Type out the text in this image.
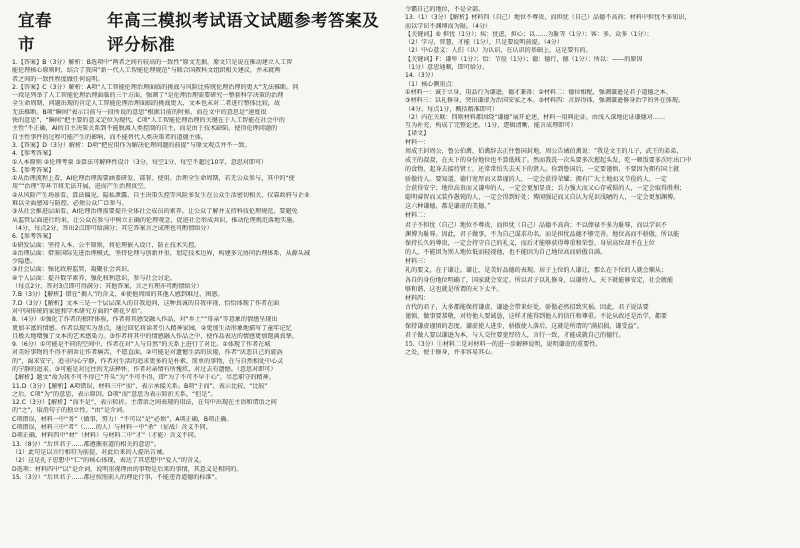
宜春市
年高三模拟考试语文试题参考答案及评分标准
1.【答案】B（3分）解析：B选项中“两者之间有较高的一致性”原文无据，原文只是说在推动建立人工智
能伦理核心原则时，结合了我国“新一代人工智能伦理规范”与联合国教科文组织相关建议，并未就两
者之间的一致性程度做任何说明。
2.【答案】C（3分）解析：A项“人工智能伦理治理面临的挑战与风险比传统伦理治理的更大”无法推断。同
一段是列举了人工智能伦理治理面临的三个方面，强调了“是伦理治理需要研究一整套科学决策的治理
全生命周期，问题出现的肯定人工智能伦理治理面临的挑战更大，文本也未对二者进行整体比较，故
无法推断。B项“瞬间”表示目前与一段所说的意思”根据目前的时候，而在文中的意思是“速度很
快的意思”，“瞬间”把主要的意义定位为现代。C项“人工智能伦理治理的关键在于人工智能在社会中的
主性”不正确，AI的自主决策关系到不能脱离人类控制的自主，而是由于技术缺陷，使得伦理问题的
自主性事件的过程可能产生的影响，而不能替代人类决策者的道德主体。
3.【答案】D（3分）解析：D项“把应用作为解决伦理问题的前提”与原文观点并不一致。
4.【参考答案】
①人本原则 ②伦理考量 ③算法可解释性设计（3分，每空1分，每空不超过10字，意思对即可）
5.【参考答案】
①从治理流程上看，AI伦理治理需要涵盖研发、部署、使用、治理全生命周期，若无公众参与，其中的“使
用”“治理”等环节将无法开展，进而产生治理真空。
②从风险产生场景看，算法偏见、隐私泄露、自主决策失控等风险多发生在公众生活密切相关，仅靠政府与企业
难以全面感知与防控，必须公众广泛参与。
③从社会推进层面看，AI伦理治理需要提升全体社会成员的素养，让公众了解并支持科技伦理规范，要避免
从监管层面进行约束，让公众在参与中树立正确的伦理观念，促进社会形成共识，推动伦理规范落地实施。
（4分，每点2分，答出2点即可给满分；其它答案言之成理也可酌情给分）
6.【参考答案】
①研发层面：坚持人本、公平原则，将伦理嵌入设计，防止技术失控。
②治理层面：借鉴国际先进治理模式，坚持伦理与创新并重，划定技术边界，构建多元协同治理体系，从源头减
少隐患。
③社会层面：强化政府监管，凝聚社会共识。
④个人层面：提升数字素养，强化权利意识，参与社会讨论。
（每点2分，答对3点即可得满分；其他答案，言之有理亦可酌情给分）
7.B（3分）【解析】错在“揭人”的含义，④使他周围的其他人感到难过、困惑。
7.D（3分）【解析】文本三是一个层层深入的自我追问，这种真诚的自我审视，恰恰体现了作者在面
对中国传统的家庭和学术研究方面的“朝花夕拾”。
8.（4分）①强化了作者的独特体验，作者将其感受融入作品，对“乡土”“母亲”等意象的情感呈现出
更加丰富的情感。作者以现实为基点，通过回忆将读者引入精神家园，②更加生动形象地描写了童年记忆
且极大地增强了文本的艺术感染力。③作者将其中的情感融入作品之中，使作品表达的情感更加饱满真挚。
9.（6分）①可能是不同的空间中，作者在对“人与自然”的关系上进行了对比。①体现了作者在城
对美好事物的不得不割舍让作者痛苦，不愿直面。②可能是对遗憾生活的厌倦，作者“厌恶自己的旋涡
的”，渴求安宁，追寻内心宁静，作者对生活的追求更多的是朴素、简单的事物，在与自然相处中心灵
的宁静的追求。③可能是对过往的无法释怀，作者对亲情有所愧疚，对过去有遗憾。（意思对即可）
【解析】题文“故为我不可不得已”开头“为”不可不得，即“为了不可不早于心”，尽忠职守的精神。
11.D（3分）【解析】A项错误，材料三中“而”，表示承接关系。B项“于而”，表示比较，“比较”
之后，C项“为”的意思，表示原因。D项“而”意思为表示转折关系，“但是”。
12.C（3分）【解析】“而不是”，表示转折。主谓语之间表现的用法，在句中出现在主语和谓语之间
的“之”，取消句子的独立性。“由”是介词。
C项错误，材料一中“务”（做事，努力）“不可以”是“必须”，A项正确，B项正确。
C项错误，材料三中“者”（……的人）与材料一中“杀”（征战）含义不同。
D项正确，材料四中“材”（材料）与材料二中“才”（才能）含义不同。
13.（8分）“后世君子……都遵循重道的相关的意思”。
（1）此句是以言行相符为前提，对此后来的人提出告诫。
（2）这是孔子思想中“仁”的核心体现，表达了其思想中“爱人”的含义。
D选项：材料四中“以”是介词，说明重视理由的事物是后来的事情，其意义是相同的。
15.（3分）“后世君子……都应按照前人的理论行事，不能违背道德的标准”。
令霸自己的地位，不是全部。
13.（1）（3分）【解析】材料四（自己）地位不尊贵，而担忧（自己）品德不高尚；材料中担忧不多知识，
而以学识不渊博而为耻。（4分）
【关键词】⑤ 担忧（1分）；疾：忧虑，担心；以……为耻等（1分）；客：多，众多（1分）；
（2）学习，智慧、才能（1分），只是要说明前提。（4分）
（2）中心意义：人们（认）为认识，在认识的基础上，这是要有的。
【关键词】F：谦卑（1分）；恰：节俭（1分）；德：德行，德（1分）；所以：——的原因
（1分）意思通顺，即可给分。
14.（3分）
（1）核心侧重点：
①材料一：诚于立身，用品行为谦逊，德才兼备；②材料二：德位相配，强调谦逊是君子道德之本。
③材料三：以礼修身，突出谦虚为治国安家之本。③材料四：言辞得体，强调谦逊修身治学的外在体现。
（4分，每点1分，概括精准即可）
（2）内在关联：四则材料都围绕“谦德”展开论述，材料一用典论证，由浅入深地论证谦德对……
互为补充，构成了完整论述。（1分，逻辑清晰，能言成理即可）
【译文】
材料一：
周成王封周公，鲁公伯禽，伯禽辞去正往鲁国封地，周公告诫伯禽说：“我是文王的儿子，武王的弟弟，
成王的叔叔，在天下的身份地位也不算低贱了。然而我洗一次头要多次握起头发，吃一顿饭要多次吐出口中
的食物，起身去接待贤士，还常常怕失去天下的贤人。你到鲁国后，一定要谨慎，不要因为拥有国土就
骄傲待人。要知道，德行宽厚而又恭谨的人，一定会获得荣耀；拥有广大土地而又节俭的人，一定
会获得安宁；地位高贵而又谦卑的人，一定会更加显贵；兵力强大而又心存戒惧的人，一定会取得胜利；
聪明睿智而又装作愚钝的人，一定会得到好处；博闻强记而又自认为见识浅陋的人，一定会更加渊博。
这六种谦德，都是谦虚的美德。”
材料二：
君子不担忧（自己）地位不尊贵，而担忧（自己）品德不高尚；不以俸禄不多为耻辱，而以学识不
渊博为耻辱。因此，君子做事，不为自己谋求功名，而是担忧品德不够完善。地位高而不骄傲，所以能
保持长久的尊贵，一定会持守自己的礼义，而后才能够获得尊重和荣誉。身居高位却不在上位
的人，不能因为别人地位低而轻视他，也不能因为自己地位高而骄傲自满。
材料三：
礼的要义，在于谦让。谦让，是美好品德的表现。居于上位的人谦让，那么在下位的人就会顺从；
各自的身份地位明确了，国家就会安定。所以君子以礼修身，以谦待人。天下就能够安定，社会就能
够和谐，这也就是所谓的天下太平。
材料四：
古代的君子，大多都能保持谦虚，谦逊会带来好处，骄傲必然招致灾祸。因此，君子说话要
谨慎，做事要恭敬，对待他人要诚恳，这样才能得到他人的信任和尊重。不论从政还是治学，都要
保持谦虚谨慎的态度。谦虚使人进步，骄傲使人落后。这就是所谓的“满招损，谦受益”。
君子做人要以谦逊为本，与人交往要宽厚待人，言行一致，才能成就自己的德行。
15.（3分）①材料二是对材料一的进一步解释说明，说明谦虚的重要性。
之处，使于修身，并非容易其心。
